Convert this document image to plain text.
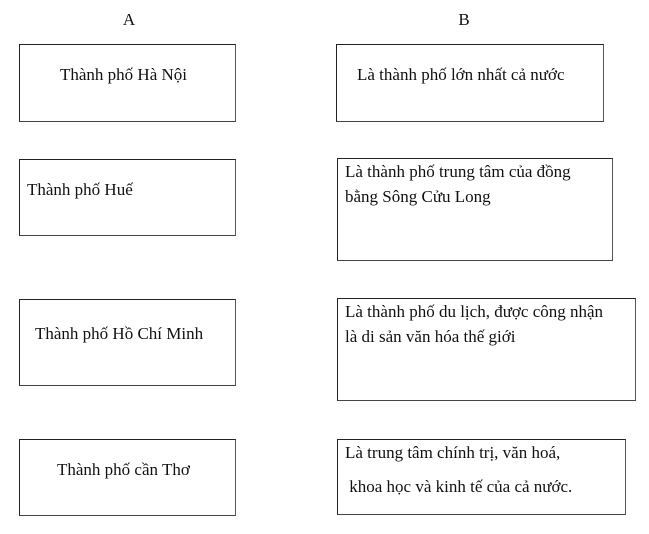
A	B
Thành phố Hà Nội
Thành phố Huế
Thành phố Hồ Chí Minh
Thành phố cần Thơ
Là thành phố lớn nhất cả nước
Là thành phố trung tâm của đồng
bằng Sông Cửu Long
Là thành phố du lịch, được công nhận
là di sản văn hóa thế giới
Là trung tâm chính trị, văn hoá,
khoa học và kinh tế của cả nước.
